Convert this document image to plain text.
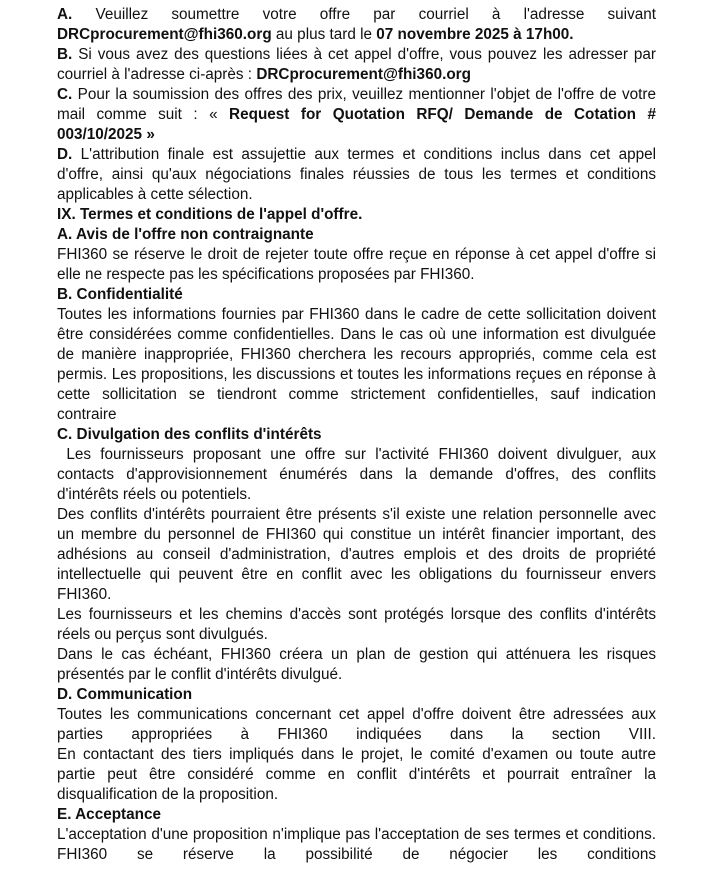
A. Veuillez soumettre votre offre par courriel à l'adresse suivant DRCprocurement@fhi360.org au plus tard le 07 novembre 2025 à 17h00.

B. Si vous avez des questions liées à cet appel d'offre, vous pouvez les adresser par courriel à l'adresse ci-après : DRCprocurement@fhi360.org

C. Pour la soumission des offres des prix, veuillez mentionner l'objet de l'offre de votre mail comme suit : « Request for Quotation RFQ/ Demande de Cotation # 003/10/2025 »

D. L'attribution finale est assujettie aux termes et conditions inclus dans cet appel d'offre, ainsi qu'aux négociations finales réussies de tous les termes et conditions applicables à cette sélection.

IX. Termes et conditions de l'appel d'offre.

A. Avis de l'offre non contraignante

FHI360 se réserve le droit de rejeter toute offre reçue en réponse à cet appel d'offre si elle ne respecte pas les spécifications proposées par FHI360.

B. Confidentialité

Toutes les informations fournies par FHI360 dans le cadre de cette sollicitation doivent être considérées comme confidentielles. Dans le cas où une information est divulguée de manière inappropriée, FHI360 cherchera les recours appropriés, comme cela est permis. Les propositions, les discussions et toutes les informations reçues en réponse à cette sollicitation se tiendront comme strictement confidentielles, sauf indication contraire

C. Divulgation des conflits d'intérêts

Les fournisseurs proposant une offre sur l'activité FHI360 doivent divulguer, aux contacts d'approvisionnement énumérés dans la demande d'offres, des conflits d'intérêts réels ou potentiels.

Des conflits d'intérêts pourraient être présents s'il existe une relation personnelle avec un membre du personnel de FHI360 qui constitue un intérêt financier important, des adhésions au conseil d'administration, d'autres emplois et des droits de propriété intellectuelle qui peuvent être en conflit avec les obligations du fournisseur envers FHI360.

Les fournisseurs et les chemins d'accès sont protégés lorsque des conflits d'intérêts réels ou perçus sont divulgués.

Dans le cas échéant, FHI360 créera un plan de gestion qui atténuera les risques présentés par le conflit d'intérêts divulgué.

D. Communication

Toutes les communications concernant cet appel d'offre doivent être adressées aux parties appropriées à FHI360 indiquées dans la section VIII.

En contactant des tiers impliqués dans le projet, le comité d'examen ou toute autre partie peut être considéré comme en conflit d'intérêts et pourrait entraîner la disqualification de la proposition.

E. Acceptance

L'acceptation d'une proposition n'implique pas l'acceptation de ses termes et conditions. FHI360 se réserve la possibilité de négocier les conditions
